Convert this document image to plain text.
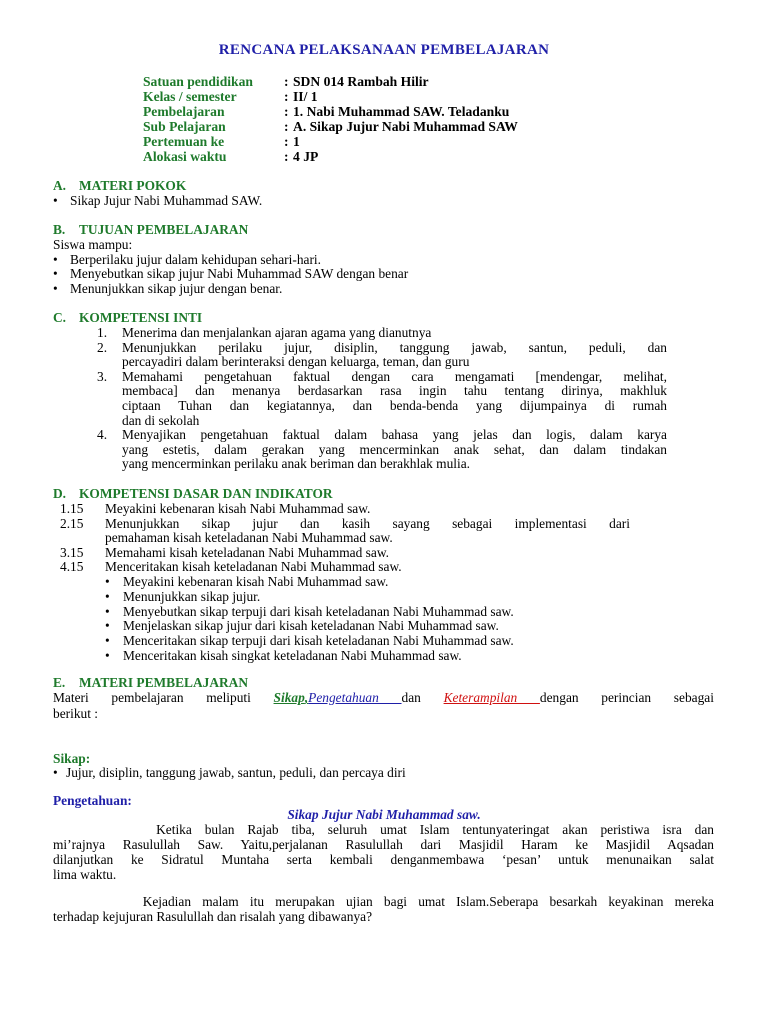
RENCANA PELAKSANAAN PEMBELAJARAN
Satuan pendidikan : SDN 014 Rambah Hilir
Kelas / semester	: II/ 1
Pembelajaran	: 1. Nabi Muhammad SAW. Teladanku
Sub Pelajaran	: A. Sikap Jujur Nabi Muhammad SAW
Pertemuan ke	: 1
Alokasi waktu	: 4 JP
A. MATERI POKOK
• Sikap Jujur Nabi Muhammad SAW.
B. TUJUAN PEMBELAJARAN
Siswa mampu:
• Berperilaku jujur dalam kehidupan sehari-hari.
• Menyebutkan sikap jujur Nabi Muhammad SAW dengan benar
• Menunjukkan sikap jujur dengan benar.
C. KOMPETENSI INTI
1.	Menerima dan menjalankan ajaran agama yang dianutnya
2.	Menunjukkan perilaku jujur, disiplin, tanggung jawab, santun, peduli, dan
percayadiri dalam berinteraksi dengan keluarga, teman, dan guru
3.	Memahami pengetahuan faktual dengan cara mengamati [mendengar, melihat,
membaca] dan menanya berdasarkan rasa ingin tahu tentang dirinya, makhluk
ciptaan Tuhan dan kegiatannya, dan benda-benda yang dijumpainya di rumah
dan di sekolah
4.	Menyajikan pengetahuan faktual dalam bahasa yang jelas dan logis, dalam karya
yang estetis, dalam gerakan yang mencerminkan anak sehat, dan dalam tindakan
yang mencerminkan perilaku anak beriman dan berakhlak mulia.
D. KOMPETENSI DASAR DAN INDIKATOR
1.15 Meyakini kebenaran kisah Nabi Muhammad saw.
2.15 Menunjukkan sikap jujur dan kasih sayang sebagai implementasi dari
pemahaman kisah keteladanan Nabi Muhammad saw.
3.15 Memahami kisah keteladanan Nabi Muhammad saw.
4.15 Menceritakan kisah keteladanan Nabi Muhammad saw.
• Meyakini kebenaran kisah Nabi Muhammad saw.
• Menunjukkan sikap jujur.
• Menyebutkan sikap terpuji dari kisah keteladanan Nabi Muhammad saw.
• Menjelaskan sikap jujur dari kisah keteladanan Nabi Muhammad saw.
• Menceritakan sikap terpuji dari kisah keteladanan Nabi Muhammad saw.
• Menceritakan kisah singkat keteladanan Nabi Muhammad saw.
E. MATERI PEMBELAJARAN
Materi pembelajaran meliputi Sikap,Pengetahuan dan Keterampilan dengan perincian sebagai
berikut :
Sikap:
• Jujur, disiplin, tanggung jawab, santun, peduli, dan percaya diri
Pengetahuan:
Sikap Jujur Nabi Muhammad saw.
Ketika bulan Rajab tiba, seluruh umat Islam tentunyateringat akan peristiwa isra dan
mi’rajnya Rasulullah Saw. Yaitu,perjalanan Rasulullah dari Masjidil Haram ke Masjidil Aqsadan
dilanjutkan ke Sidratul Muntaha serta kembali denganmembawa ‘pesan’ untuk menunaikan salat
lima waktu.
Kejadian malam itu merupakan ujian bagi umat Islam.Seberapa besarkah keyakinan mereka
terhadap kejujuran Rasulullah dan risalah yang dibawanya?
